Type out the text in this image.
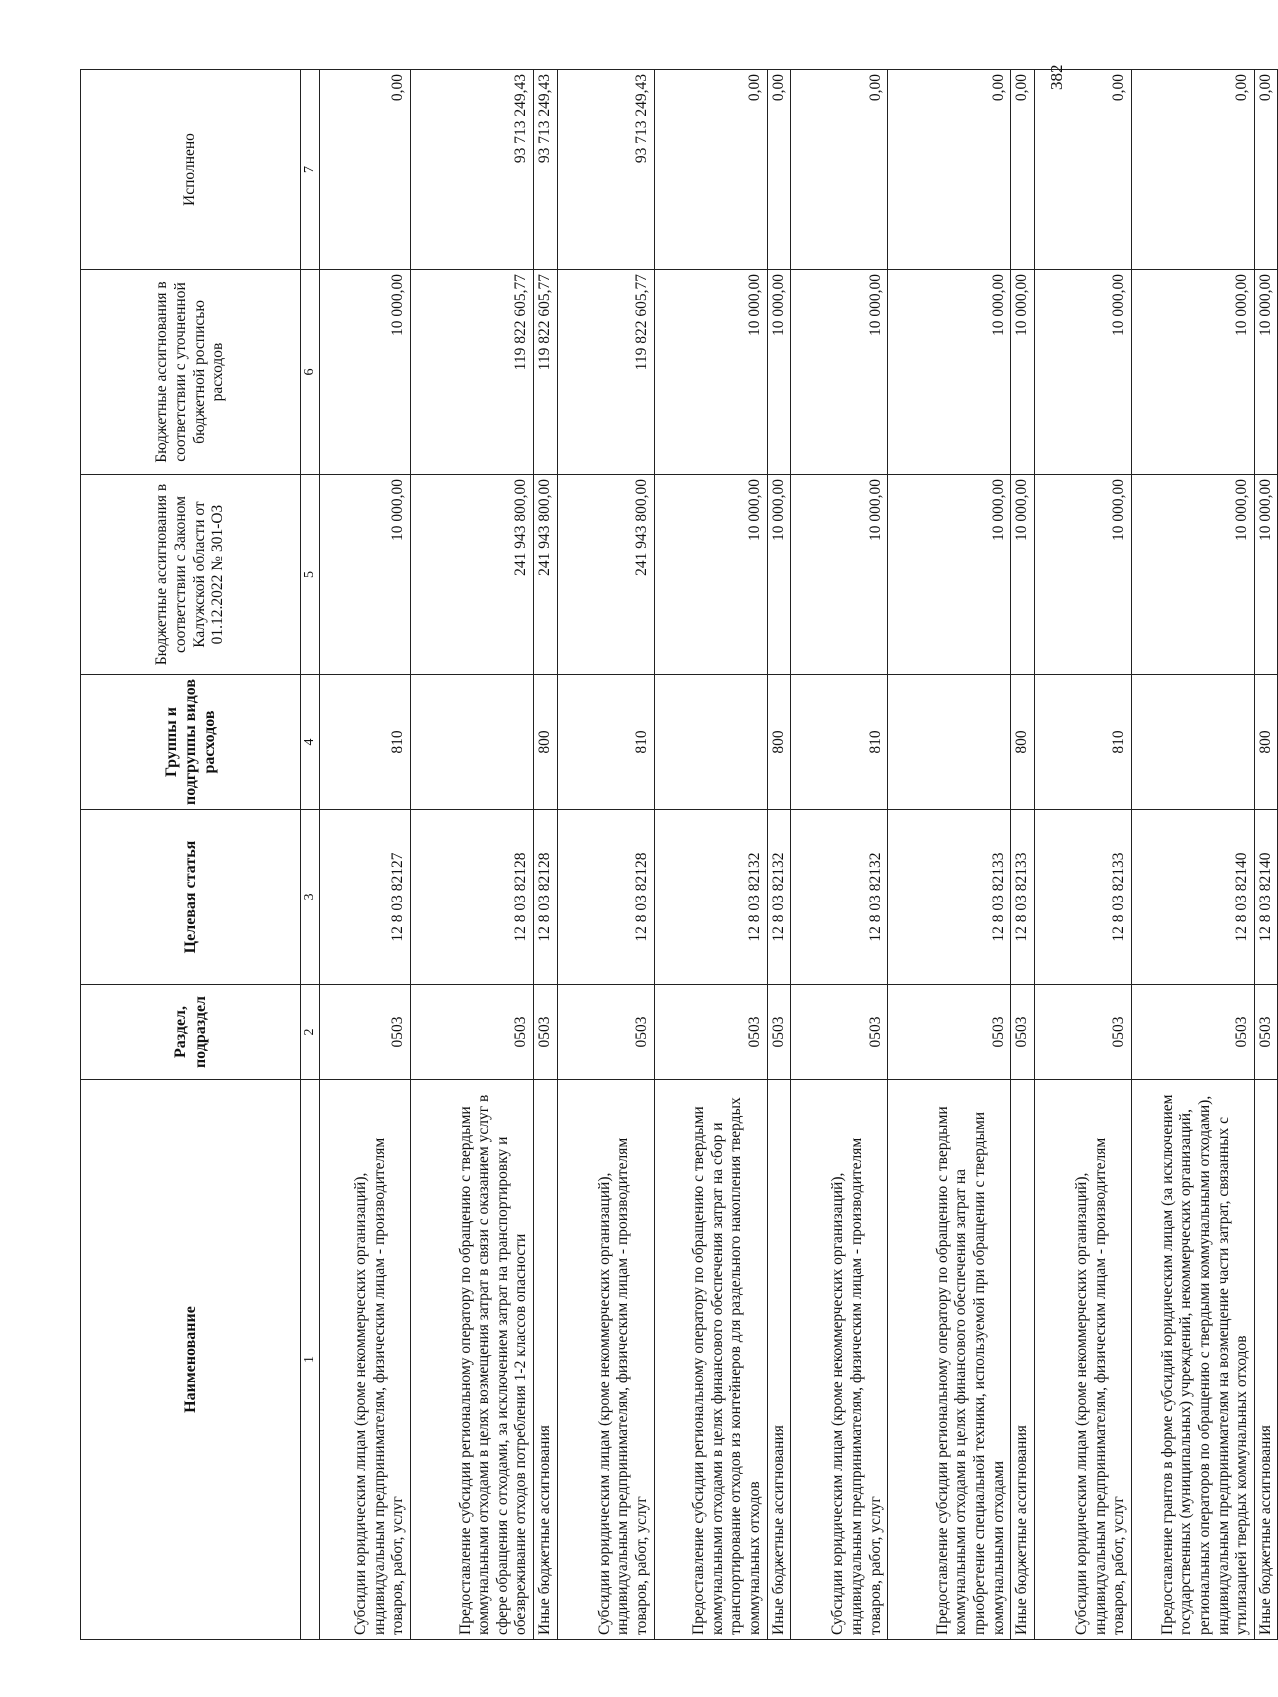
Наименование	Раздел, подраздел	Целевая статья	Группы и подгруппы видов расходов	Бюджетные ассигнования в соответствии с Законом Калужской области от 01.12.2022 № 301-ОЗ	Бюджетные ассигнования в соответствии с уточненной бюджетной росписью расходов	Исполнено
1	2	3	4	5	6	7
Субсидии юридическим лицам (кроме некоммерческих организаций), индивидуальным предпринимателям, физическим лицам - производителям товаров, работ, услуг	0503	12 8 03 82127	810	10 000,00	10 000,00	0,00
Предоставление субсидии региональному оператору по обращению с твердыми коммунальными отходами в целях возмещения затрат в связи с оказанием услуг в сфере обращения с отходами, за исключением затрат на транспортировку и обезвреживание отходов потребления 1-2 классов опасности	0503	12 8 03 82128		241 943 800,00	119 822 605,77	93 713 249,43
Иные бюджетные ассигнования	0503	12 8 03 82128	800	241 943 800,00	119 822 605,77	93 713 249,43
Субсидии юридическим лицам (кроме некоммерческих организаций), индивидуальным предпринимателям, физическим лицам - производителям товаров, работ, услуг	0503	12 8 03 82128	810	241 943 800,00	119 822 605,77	93 713 249,43
Предоставление субсидии региональному оператору по обращению с твердыми коммунальными отходами в целях финансового обеспечения затрат на сбор и транспортирование отходов из контейнеров для раздельного накопления твердых коммунальных отходов	0503	12 8 03 82132		10 000,00	10 000,00	0,00
Иные бюджетные ассигнования	0503	12 8 03 82132	800	10 000,00	10 000,00	0,00
Субсидии юридическим лицам (кроме некоммерческих организаций), индивидуальным предпринимателям, физическим лицам - производителям товаров, работ, услуг	0503	12 8 03 82132	810	10 000,00	10 000,00	0,00
Предоставление субсидии региональному оператору по обращению с твердыми коммунальными отходами в целях финансового обеспечения затрат на приобретение специальной техники, используемой при обращении с твердыми коммунальными отходами	0503	12 8 03 82133		10 000,00	10 000,00	0,00
Иные бюджетные ассигнования	0503	12 8 03 82133	800	10 000,00	10 000,00	0,00
Субсидии юридическим лицам (кроме некоммерческих организаций), индивидуальным предпринимателям, физическим лицам - производителям товаров, работ, услуг	0503	12 8 03 82133	810	10 000,00	10 000,00	0,00
Предоставление грантов в форме субсидий юридическим лицам (за исключением государственных (муниципальных) учреждений, некоммерческих организаций, региональных операторов по обращению с твердыми коммунальными отходами), индивидуальным предпринимателям на возмещение части затрат, связанных с утилизацией твердых коммунальных отходов	0503	12 8 03 82140		10 000,00	10 000,00	0,00
Иные бюджетные ассигнования	0503	12 8 03 82140	800	10 000,00	10 000,00	0,00
382
